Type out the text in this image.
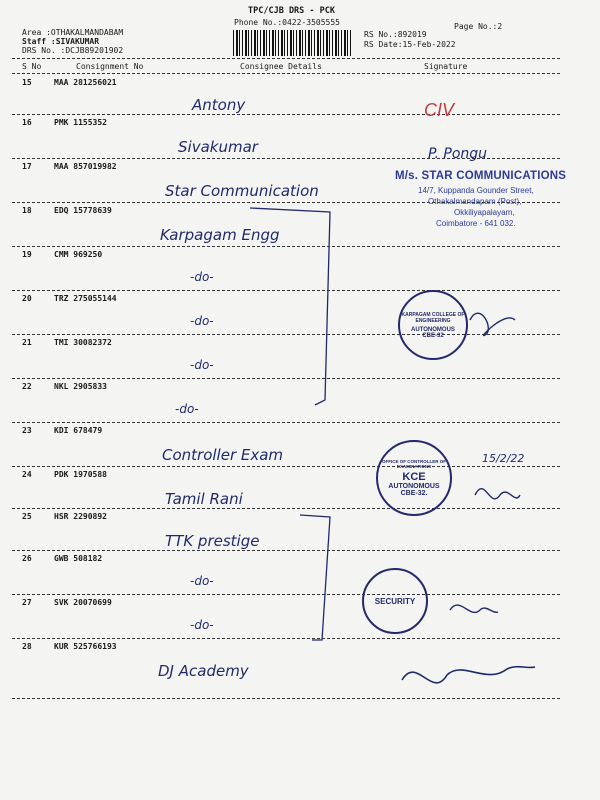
TPC/CJB DRS - PCK
Phone No.:0422-3505555
Area :OTHAKALMANDABAM
Staff :SIVAKUMAR
DRS No. :DCJB89201902
Page No.:2
RS No.:892019
RS Date:15-Feb-2022
S No	Consignment No	Consignee Details	Signature
15	MAA 281256021
Antony
16	PMK 1155352
Sivakumar
17	MAA 857019982
Star Communication
18	EDQ 15778639
Karpagam Engg
19	CMM 969250
-do-
20	TRZ 275055144
-do-
21	TMI 30082372
-do-
22	NKL 2905833
-do-
23	KDI 678479
Controller Exam
24	PDK 1970588
Tamil Rani
25	HSR 2290892
TTK prestige
26	GWB 508182
-do-
27	SVK 20070699
-do-
28	KUR 525766193
DJ Academy
M/s. STAR COMMUNICATIONS
14/7, Kuppanda Gounder Street,
Othakalmandapam (Post),
Okkiliyapalayam,
Coimbatore - 641 032.
KARPAGAM COLLEGE OF ENGINEERING
AUTONOMOUS
CBE-32
OFFICE OF CONTROLLER OF EXAMINATIONS
KCE
AUTONOMOUS
CBE-32.
SECURITY
CIV
P. Pongu
15/2/22
